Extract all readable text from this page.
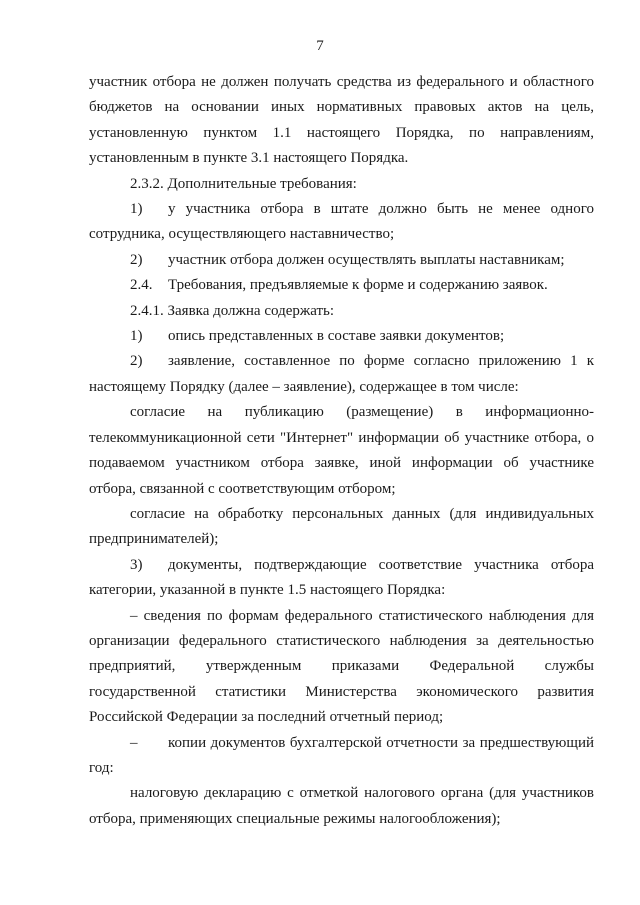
7

участник отбора не должен получать средства из федерального и областного бюджетов на основании иных нормативных правовых актов на цель, установленную пунктом 1.1 настоящего Порядка, по направлениям, установленным в пункте 3.1 настоящего Порядка.

2.3.2. Дополнительные требования:

1) у участника отбора в штате должно быть не менее одного сотрудника, осуществляющего наставничество;

2) участник отбора должен осуществлять выплаты наставникам;

2.4. Требования, предъявляемые к форме и содержанию заявок.

2.4.1. Заявка должна содержать:

1) опись представленных в составе заявки документов;

2) заявление, составленное по форме согласно приложению 1 к настоящему Порядку (далее – заявление), содержащее в том числе:

согласие на публикацию (размещение) в информационно-телекоммуникационной сети "Интернет" информации об участнике отбора, о подаваемом участником отбора заявке, иной информации об участнике отбора, связанной с соответствующим отбором;

согласие на обработку персональных данных (для индивидуальных предпринимателей);

3) документы, подтверждающие соответствие участника отбора категории, указанной в пункте 1.5 настоящего Порядка:

– сведения по формам федерального статистического наблюдения для организации федерального статистического наблюдения за деятельностью предприятий, утвержденным приказами Федеральной службы государственной статистики Министерства экономического развития Российской Федерации за последний отчетный период;

– копии документов бухгалтерской отчетности за предшествующий год:

налоговую декларацию с отметкой налогового органа (для участников отбора, применяющих специальные режимы налогообложения);
